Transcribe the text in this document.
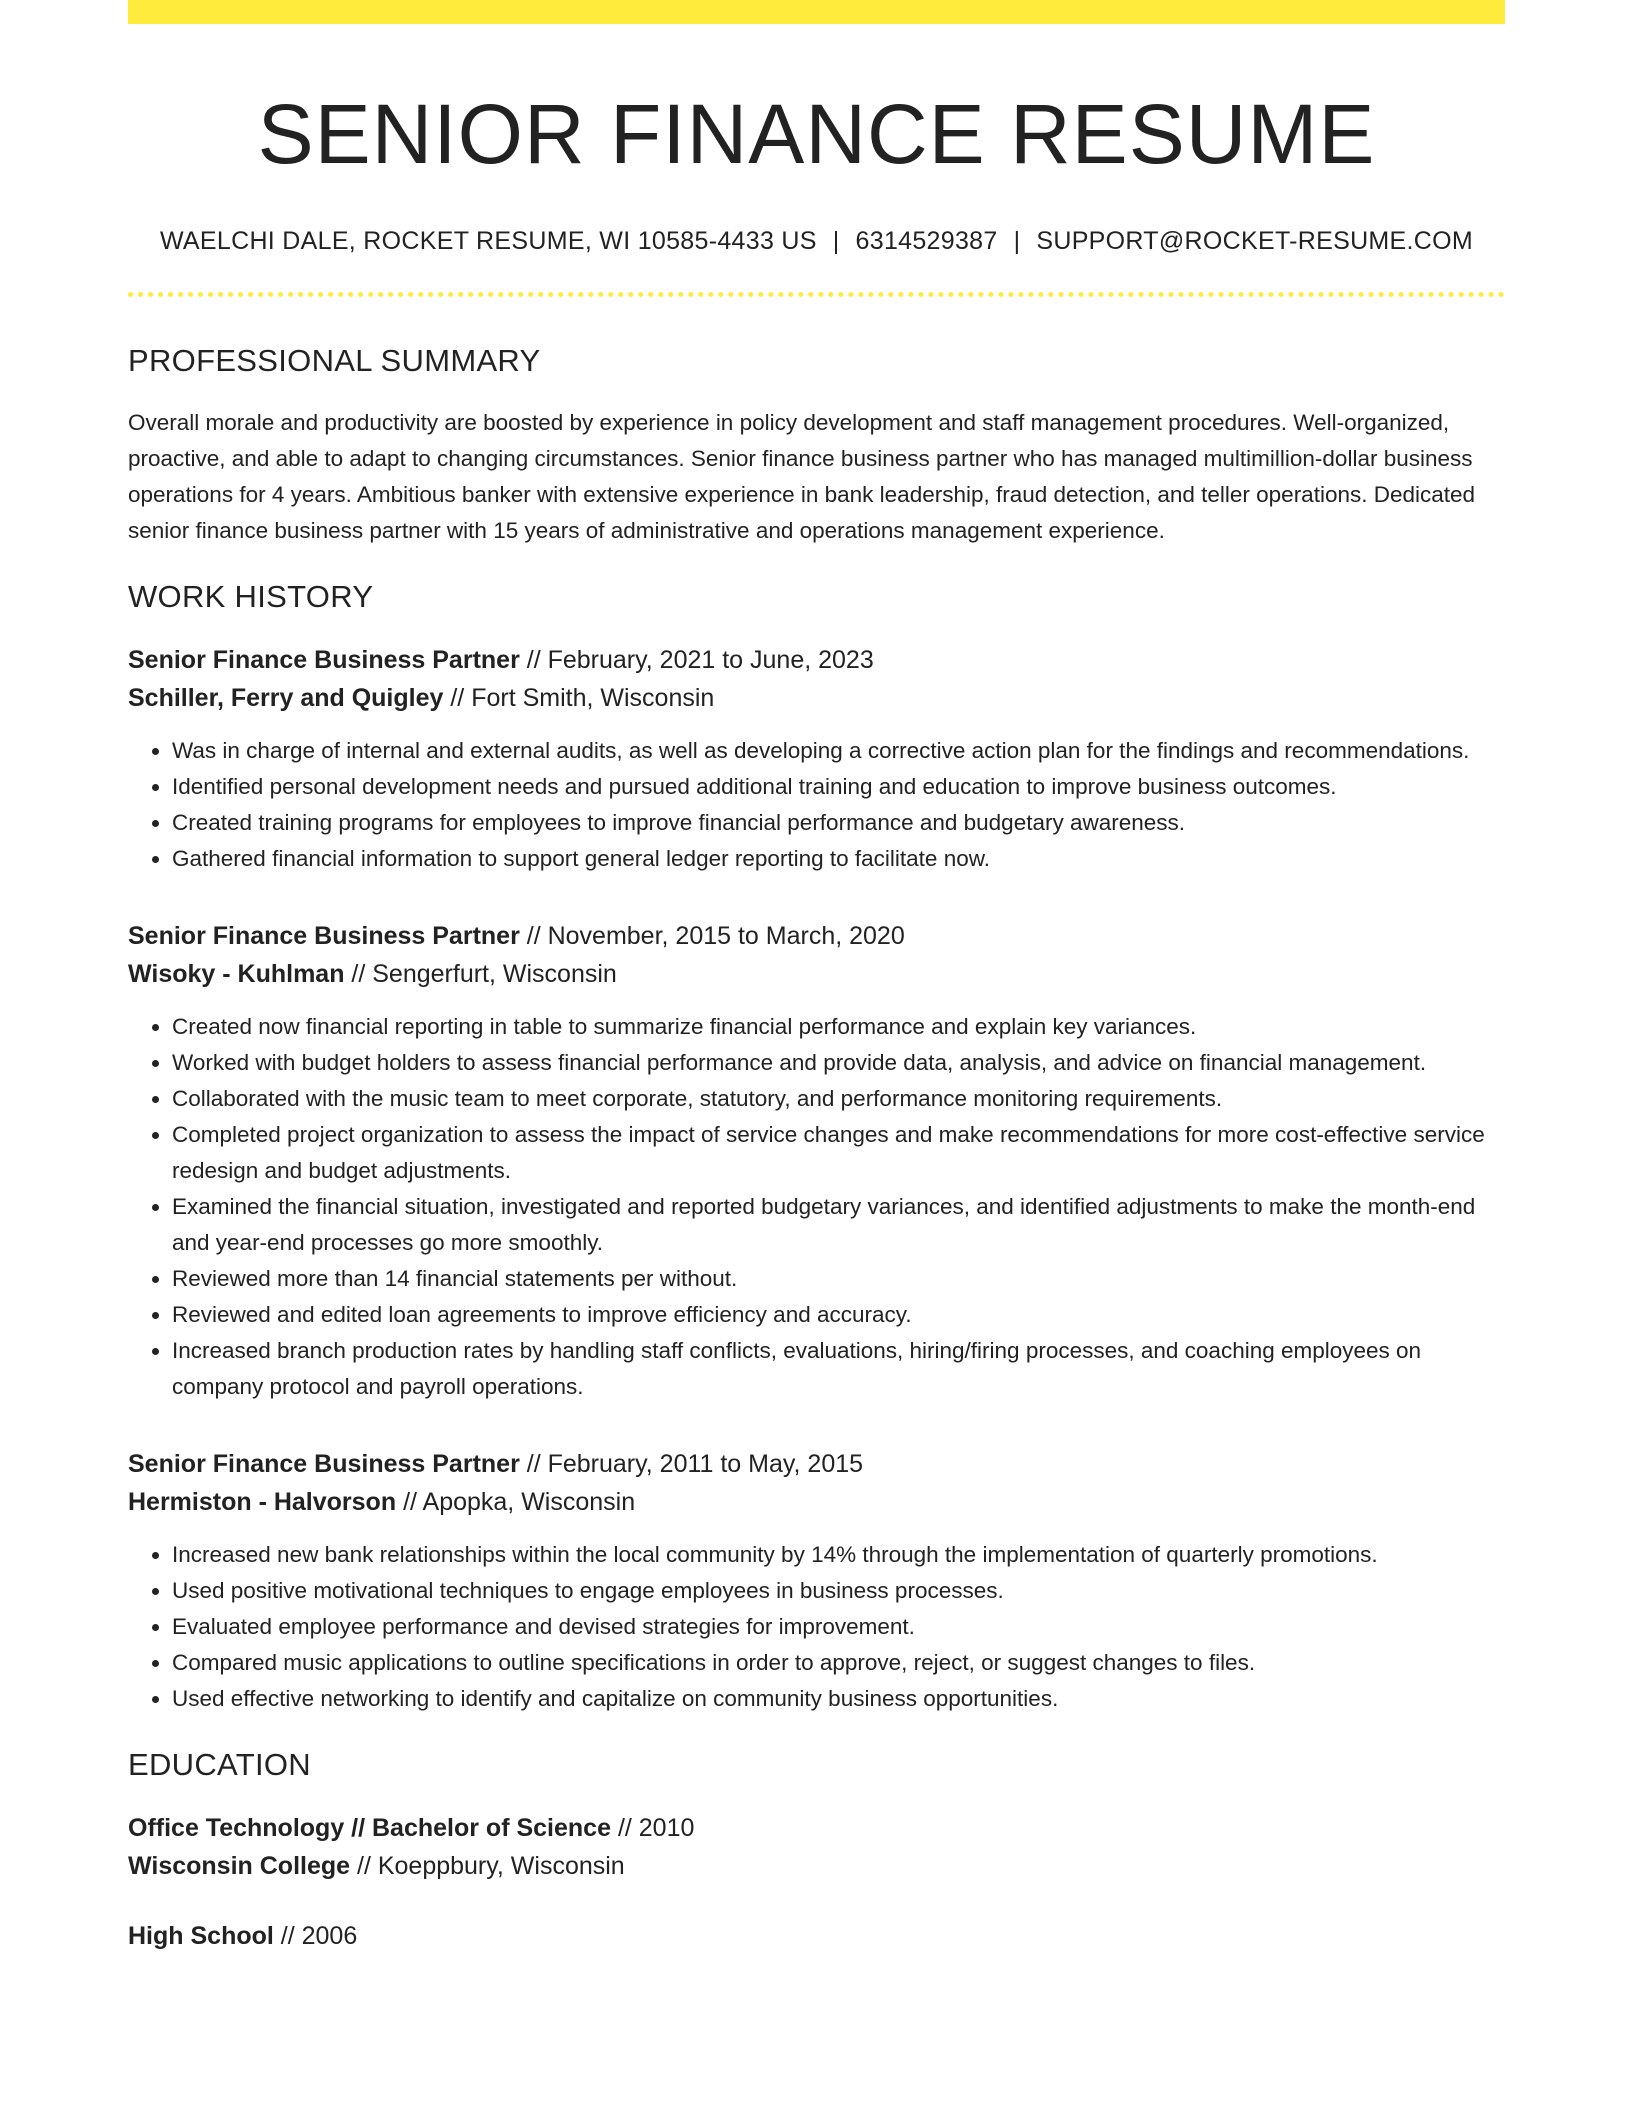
SENIOR FINANCE RESUME
WAELCHI DALE, ROCKET RESUME, WI 10585-4433 US | 6314529387 | SUPPORT@ROCKET-RESUME.COM
PROFESSIONAL SUMMARY
Overall morale and productivity are boosted by experience in policy development and staff management procedures. Well-organized, proactive, and able to adapt to changing circumstances. Senior finance business partner who has managed multimillion-dollar business operations for 4 years. Ambitious banker with extensive experience in bank leadership, fraud detection, and teller operations. Dedicated senior finance business partner with 15 years of administrative and operations management experience.
WORK HISTORY
Senior Finance Business Partner // February, 2021 to June, 2023
Schiller, Ferry and Quigley // Fort Smith, Wisconsin
• Was in charge of internal and external audits, as well as developing a corrective action plan for the findings and recommendations.
• Identified personal development needs and pursued additional training and education to improve business outcomes.
• Created training programs for employees to improve financial performance and budgetary awareness.
• Gathered financial information to support general ledger reporting to facilitate now.
Senior Finance Business Partner // November, 2015 to March, 2020
Wisoky - Kuhlman // Sengerfurt, Wisconsin
• Created now financial reporting in table to summarize financial performance and explain key variances.
• Worked with budget holders to assess financial performance and provide data, analysis, and advice on financial management.
• Collaborated with the music team to meet corporate, statutory, and performance monitoring requirements.
• Completed project organization to assess the impact of service changes and make recommendations for more cost-effective service redesign and budget adjustments.
• Examined the financial situation, investigated and reported budgetary variances, and identified adjustments to make the month-end and year-end processes go more smoothly.
• Reviewed more than 14 financial statements per without.
• Reviewed and edited loan agreements to improve efficiency and accuracy.
• Increased branch production rates by handling staff conflicts, evaluations, hiring/firing processes, and coaching employees on company protocol and payroll operations.
Senior Finance Business Partner // February, 2011 to May, 2015
Hermiston - Halvorson // Apopka, Wisconsin
• Increased new bank relationships within the local community by 14% through the implementation of quarterly promotions.
• Used positive motivational techniques to engage employees in business processes.
• Evaluated employee performance and devised strategies for improvement.
• Compared music applications to outline specifications in order to approve, reject, or suggest changes to files.
• Used effective networking to identify and capitalize on community business opportunities.
EDUCATION
Office Technology // Bachelor of Science // 2010
Wisconsin College // Koeppbury, Wisconsin
High School // 2006
